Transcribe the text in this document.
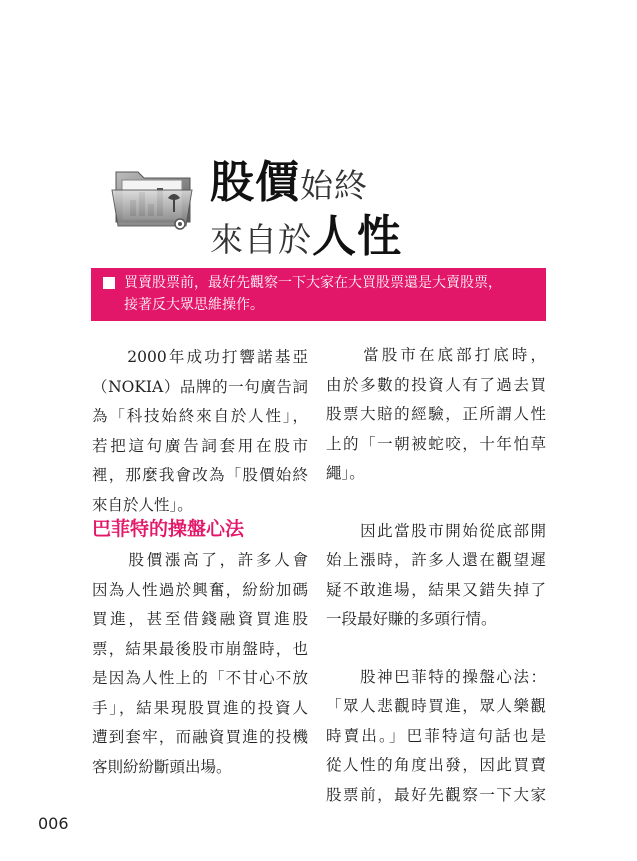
股價始終
來自於人性
買賣股票前，最好先觀察一下大家在大買股票還是大賣股票，
接著反大眾思維操作。

　　2000年成功打響諾基亞

（NOKIA）品牌的一句廣告詞

為「科技始終來自於人性」，

若把這句廣告詞套用在股市

裡，那麼我會改為「股價始終

來自於人性」。

巴菲特的操盤心法

　　股價漲高了，許多人會

因為人性過於興奮，紛紛加碼

買進，甚至借錢融資買進股

票，結果最後股市崩盤時，也

是因為人性上的「不甘心不放

手」，結果現股買進的投資人

遭到套牢，而融資買進的投機

客則紛紛斷頭出場。

　　當股市在底部打底時，

由於多數的投資人有了過去買

股票大賠的經驗，正所謂人性

上的「一朝被蛇咬，十年怕草

繩」。

　　因此當股市開始從底部開

始上漲時，許多人還在觀望遲

疑不敢進場，結果又錯失掉了

一段最好賺的多頭行情。

　　股神巴菲特的操盤心法：

「眾人悲觀時買進，眾人樂觀

時賣出。」巴菲特這句話也是

從人性的角度出發，因此買賣

股票前，最好先觀察一下大家

006
